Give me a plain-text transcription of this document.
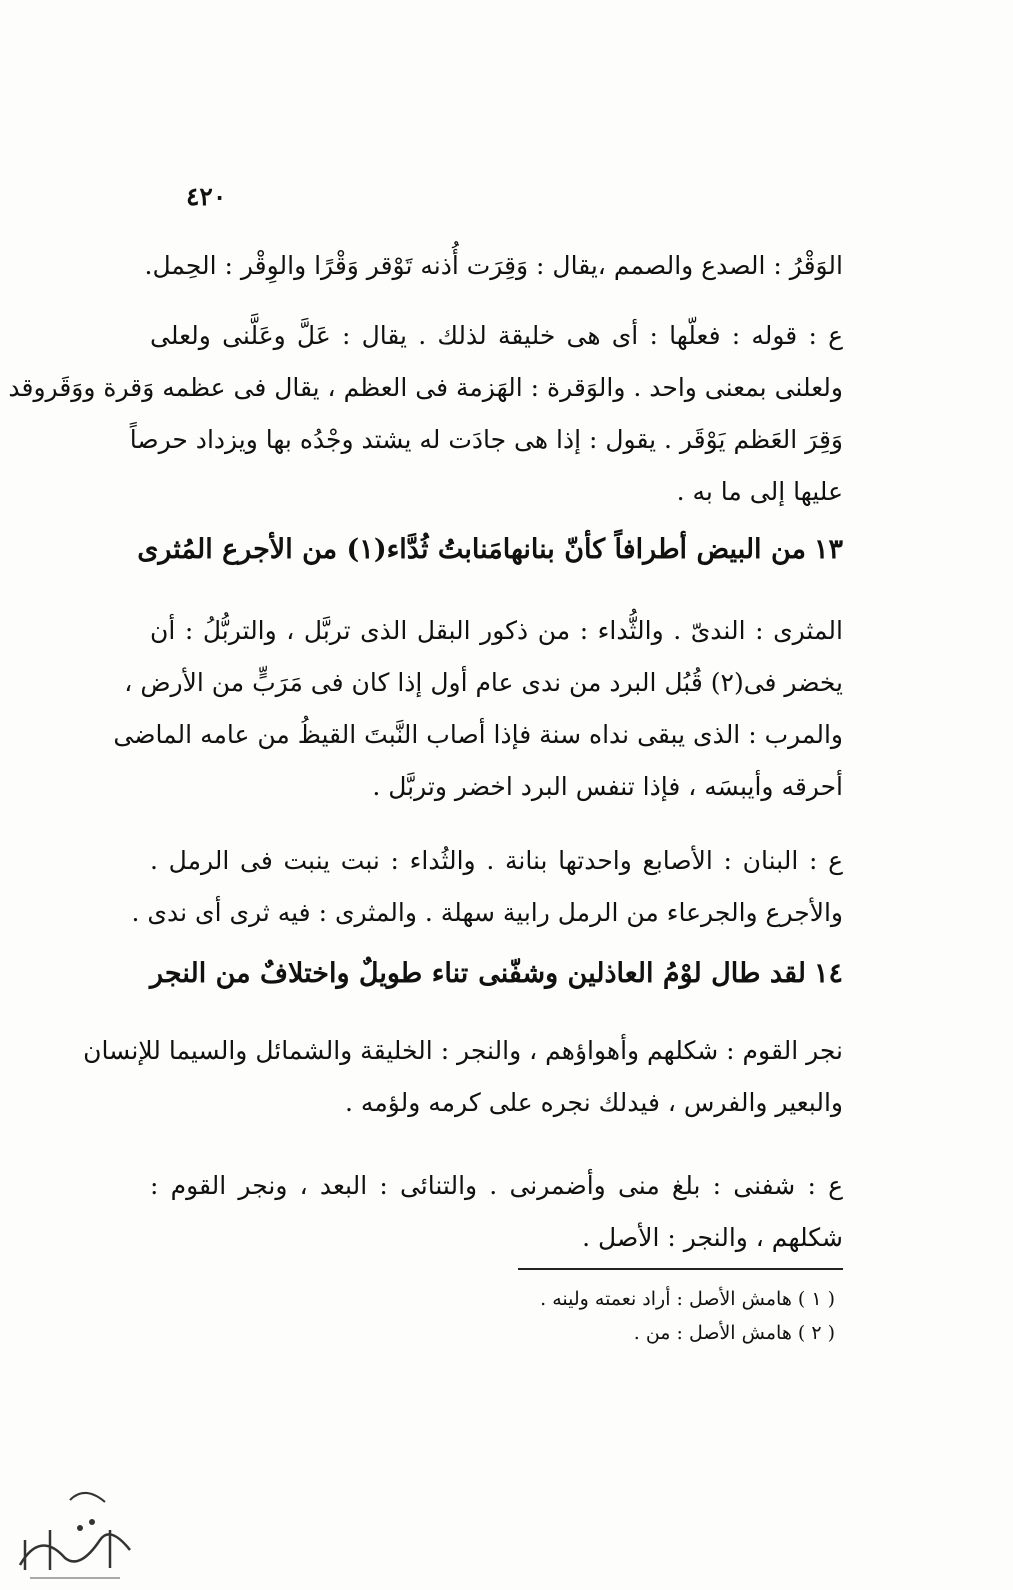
٤٢٠
الوَقْرُ : الصدع والصمم ،يقال : وَقِرَت أُذنه تَوْقر وَقْرًا والوِقْر : الحِمل.
ع : قوله : فعلّها : أى هى خليقة لذلك . يقال : عَلَّ وعَلَّنى ولعلى
ولعلنى بمعنى واحد . والوَقرة : الهَزمة فى العظم ، يقال فى عظمه وَقرة ووَقَروقد
وَقِرَ العَظم يَوْقَر . يقول : إذا هى جادَت له يشتد وجْدُه بها ويزداد حرصاً
عليها إلى ما به .
المثرى : الندىّ . والثُّداء : من ذكور البقل الذى تربَّل ، والتربُّلُ : أن
يخضر فى(٢) قُبُل البرد من ندى عام أول إذا كان فى مَرَبٍّ من الأرض ،
والمرب : الذى يبقى نداه سنة فإذا أصاب النَّبتَ القيظُ من عامه الماضى
أحرقه وأيبسَه ، فإذا تنفس البرد اخضر وتربَّل .
ع : البنان : الأصابع واحدتها بنانة . والثُداء : نبت ينبت فى الرمل .
والأجرع والجرعاء من الرمل رابية سهلة . والمثرى : فيه ثرى أى ندى .
نجر القوم : شكلهم وأهواؤهم ، والنجر : الخليقة والشمائل والسيما للإنسان
والبعير والفرس ، فيدلك نجره على كرمه ولؤمه .
ع : شفنى : بلغ منى وأضمرنى . والتنائى : البعد ، ونجر القوم :
شكلهم ، والنجر : الأصل .
١٣من البيض أطرافاً كأنّ بنانها
مَنابتُ ثُدَّاء(١) من الأجرع المُثرى
١٤لقد طال لوْمُ العاذلين وشفّنى
تناء طويلٌ واختلافٌ من النجر
( ١ ) هامش الأصل : أراد نعمته ولينه .
( ٢ ) هامش الأصل : من .
